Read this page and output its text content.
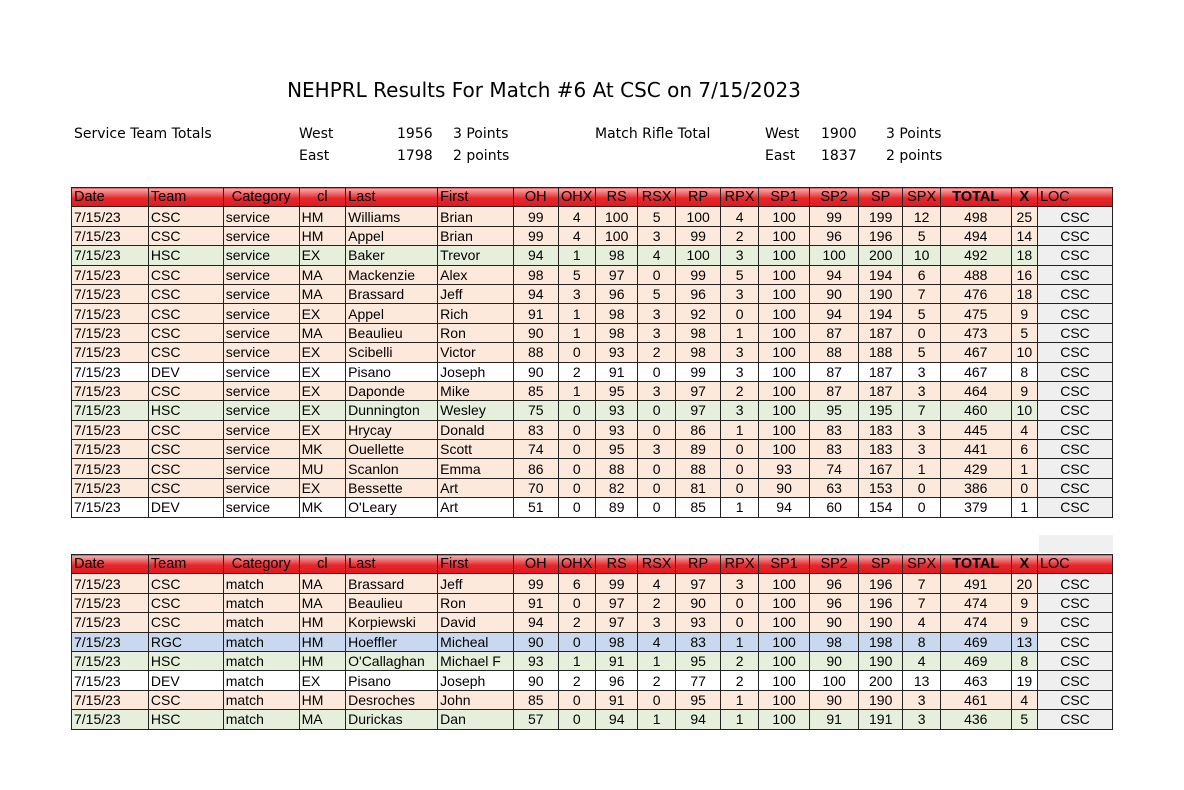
NEHPRL Results For Match #6 At CSC on 7/15/2023
Service Team Totals	West	1956 3 Points
East	1798 2 points
Match Rifle Total	West 1900 3 Points
East 1837 2 points
Date	Team	Category	cl	Last	First	OH	OHX	RS	RSX	RP	RPX	SP1	SP2	SP	SPX	TOTAL	X	LOC
7/15/23	CSC	service	HM	Williams	Brian	99	4	100	5	100	4	100	99	199	12	498	25	CSC
7/15/23	CSC	service	HM	Appel	Brian	99	4	100	3	99	2	100	96	196	5	494	14	CSC
7/15/23	HSC	service	EX	Baker	Trevor	94	1	98	4	100	3	100	100	200	10	492	18	CSC
7/15/23	CSC	service	MA	Mackenzie	Alex	98	5	97	0	99	5	100	94	194	6	488	16	CSC
7/15/23	CSC	service	MA	Brassard	Jeff	94	3	96	5	96	3	100	90	190	7	476	18	CSC
7/15/23	CSC	service	EX	Appel	Rich	91	1	98	3	92	0	100	94	194	5	475	9	CSC
7/15/23	CSC	service	MA	Beaulieu	Ron	90	1	98	3	98	1	100	87	187	0	473	5	CSC
7/15/23	CSC	service	EX	Scibelli	Victor	88	0	93	2	98	3	100	88	188	5	467	10	CSC
7/15/23	DEV	service	EX	Pisano	Joseph	90	2	91	0	99	3	100	87	187	3	467	8	CSC
7/15/23	CSC	service	EX	Daponde	Mike	85	1	95	3	97	2	100	87	187	3	464	9	CSC
7/15/23	HSC	service	EX	Dunnington	Wesley	75	0	93	0	97	3	100	95	195	7	460	10	CSC
7/15/23	CSC	service	EX	Hrycay	Donald	83	0	93	0	86	1	100	83	183	3	445	4	CSC
7/15/23	CSC	service	MK	Ouellette	Scott	74	0	95	3	89	0	100	83	183	3	441	6	CSC
7/15/23	CSC	service	MU	Scanlon	Emma	86	0	88	0	88	0	93	74	167	1	429	1	CSC
7/15/23	CSC	service	EX	Bessette	Art	70	0	82	0	81	0	90	63	153	0	386	0	CSC
7/15/23	DEV	service	MK	O'Leary	Art	51	0	89	0	85	1	94	60	154	0	379	1	CSC
Date	Team	Category	cl	Last	First	OH	OHX	RS	RSX	RP	RPX	SP1	SP2	SP	SPX	TOTAL	X	LOC
7/15/23	CSC	match	MA	Brassard	Jeff	99	6	99	4	97	3	100	96	196	7	491	20	CSC
7/15/23	CSC	match	MA	Beaulieu	Ron	91	0	97	2	90	0	100	96	196	7	474	9	CSC
7/15/23	CSC	match	HM	Korpiewski	David	94	2	97	3	93	0	100	90	190	4	474	9	CSC
7/15/23	RGC	match	HM	Hoeffler	Micheal	90	0	98	4	83	1	100	98	198	8	469	13	CSC
7/15/23	HSC	match	HM	O'Callaghan	Michael F	93	1	91	1	95	2	100	90	190	4	469	8	CSC
7/15/23	DEV	match	EX	Pisano	Joseph	90	2	96	2	77	2	100	100	200	13	463	19	CSC
7/15/23	CSC	match	HM	Desroches	John	85	0	91	0	95	1	100	90	190	3	461	4	CSC
7/15/23	HSC	match	MA	Durickas	Dan	57	0	94	1	94	1	100	91	191	3	436	5	CSC
